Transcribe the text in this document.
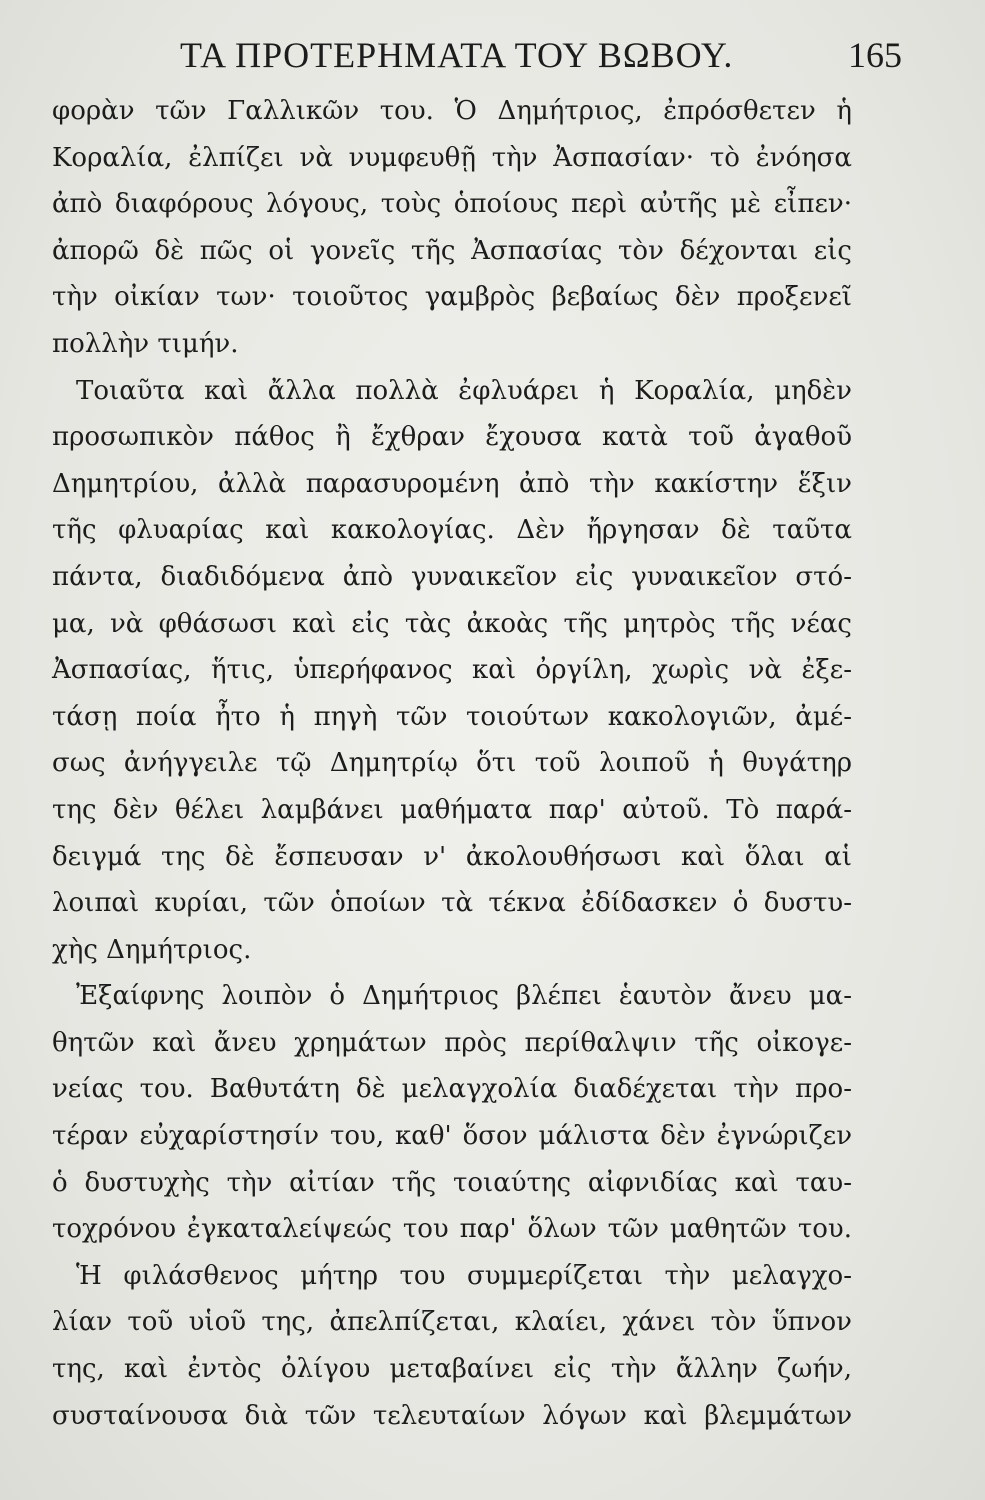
ΤΑ ΠΡΟΤΕΡΗΜΑΤΑ ΤΟΥ ΒΩΒΟΥ.	165
φορὰν τῶν Γαλλικῶν του. Ὁ Δημήτριος, ἐπρόσθετεν ἡ
Κοραλία, ἐλπίζει νὰ νυμφευθῇ τὴν Ἀσπασίαν· τὸ ἐνόησα
ἀπὸ διαφόρους λόγους, τοὺς ὁποίους περὶ αὐτῆς μὲ εἶπεν·
ἀπορῶ δὲ πῶς οἱ γονεῖς τῆς Ἀσπασίας τὸν δέχονται εἰς
τὴν οἰκίαν των· τοιοῦτος γαμβρὸς βεβαίως δὲν προξενεῖ
πολλὴν τιμήν.
Τοιαῦτα καὶ ἄλλα πολλὰ ἐφλυάρει ἡ Κοραλία, μηδὲν
προσωπικὸν πάθος ἢ ἔχθραν ἔχουσα κατὰ τοῦ ἀγαθοῦ
Δημητρίου, ἀλλὰ παρασυρομένη ἀπὸ τὴν κακίστην ἕξιν
τῆς φλυαρίας καὶ κακολογίας. Δὲν ἤργησαν δὲ ταῦτα
πάντα, διαδιδόμενα ἀπὸ γυναικεῖον εἰς γυναικεῖον στό-
μα, νὰ φθάσωσι καὶ εἰς τὰς ἀκοὰς τῆς μητρὸς τῆς νέας
Ἀσπασίας, ἥτις, ὑπερήφανος καὶ ὀργίλη, χωρὶς νὰ ἐξε-
τάσῃ ποία ἦτο ἡ πηγὴ τῶν τοιούτων κακολογιῶν, ἀμέ-
σως ἀνήγγειλε τῷ Δημητρίῳ ὅτι τοῦ λοιποῦ ἡ θυγάτηρ
της δὲν θέλει λαμβάνει μαθήματα παρ' αὐτοῦ. Τὸ παρά-
δειγμά της δὲ ἔσπευσαν ν' ἀκολουθήσωσι καὶ ὅλαι αἱ
λοιπαὶ κυρίαι, τῶν ὁποίων τὰ τέκνα ἐδίδασκεν ὁ δυστυ-
χὴς Δημήτριος.
Ἐξαίφνης λοιπὸν ὁ Δημήτριος βλέπει ἑαυτὸν ἄνευ μα-
θητῶν καὶ ἄνευ χρημάτων πρὸς περίθαλψιν τῆς οἰκογε-
νείας του. Βαθυτάτη δὲ μελαγχολία διαδέχεται τὴν προ-
τέραν εὐχαρίστησίν του, καθ' ὅσον μάλιστα δὲν ἐγνώριζεν
ὁ δυστυχὴς τὴν αἰτίαν τῆς τοιαύτης αἰφνιδίας καὶ ταυ-
τοχρόνου ἐγκαταλείψεώς του παρ' ὅλων τῶν μαθητῶν του.
Ἡ φιλάσθενος μήτηρ του συμμερίζεται τὴν μελαγχο-
λίαν τοῦ υἱοῦ της, ἀπελπίζεται, κλαίει, χάνει τὸν ὕπνον
της, καὶ ἐντὸς ὀλίγου μεταβαίνει εἰς τὴν ἄλλην ζωήν,
συσταίνουσα διὰ τῶν τελευταίων λόγων καὶ βλεμμάτων
